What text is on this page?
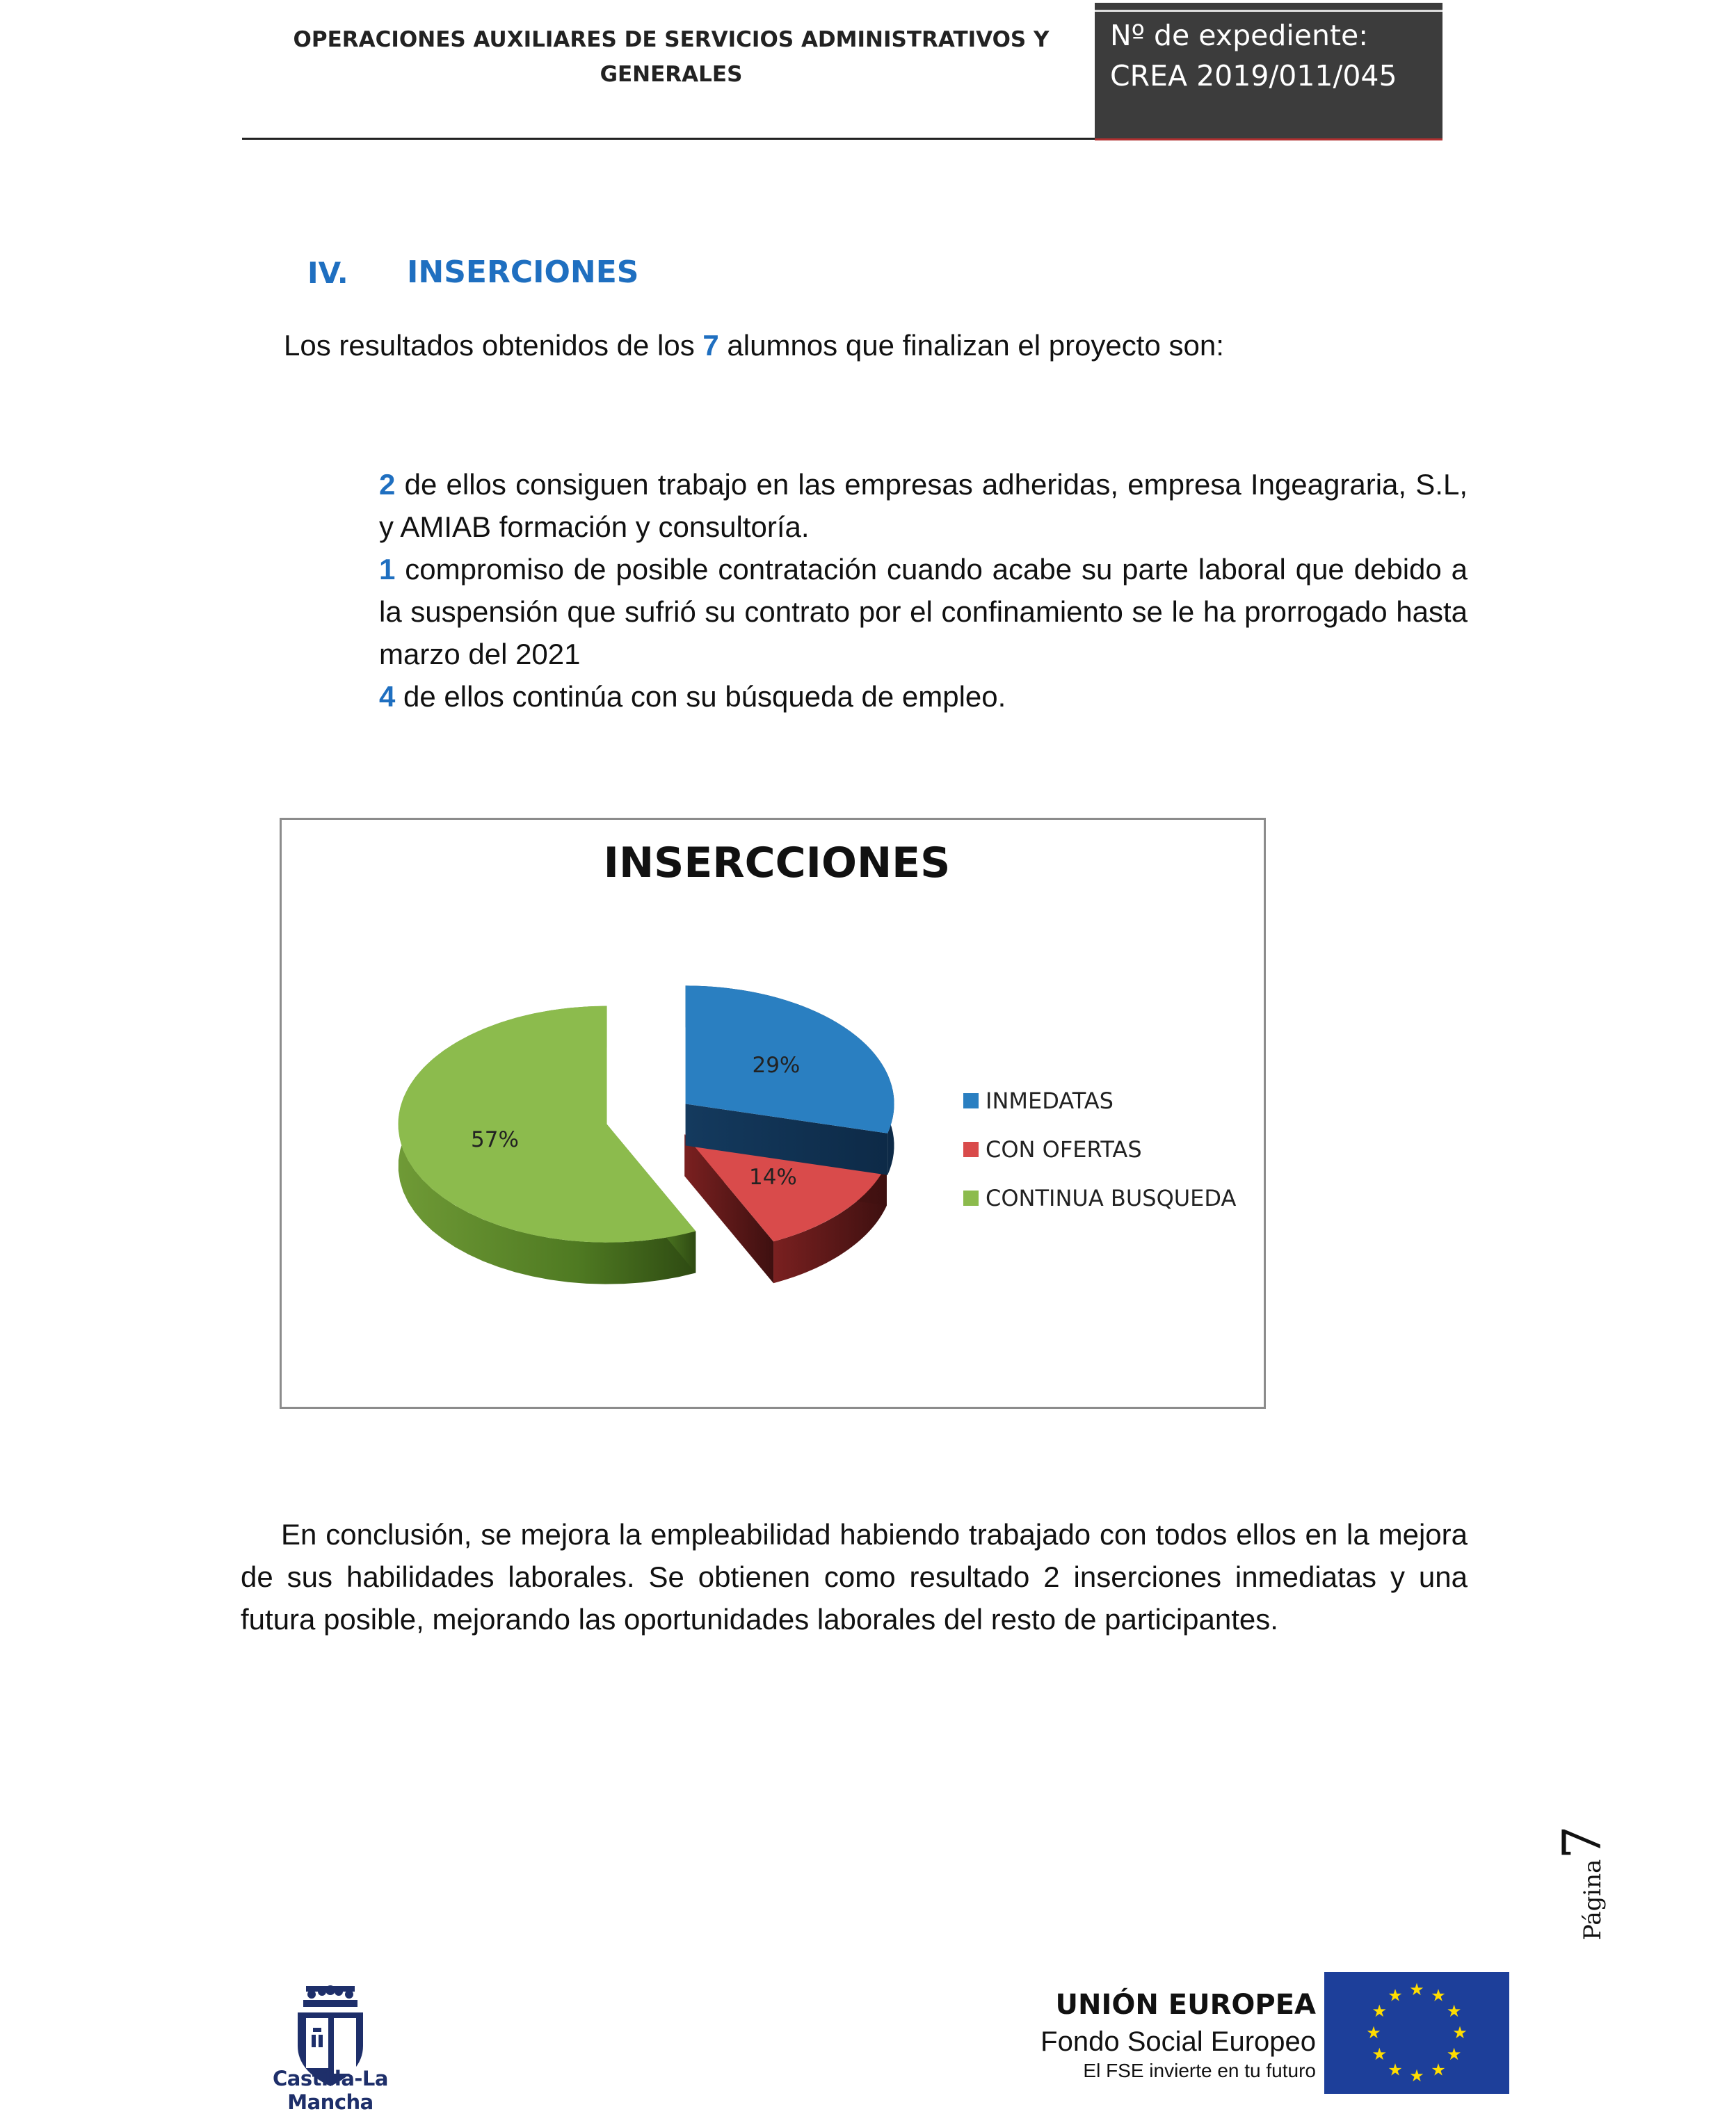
OPERACIONES AUXILIARES DE SERVICIOS ADMINISTRATIVOS Y
GENERALES
Nº de expediente:
CREA 2019/011/045
IV. INSERCIONES
Los resultados obtenidos de los 7 alumnos que finalizan el proyecto son:

2 de ellos consiguen trabajo en las empresas adheridas, empresa Ingeagraria, S.L, y AMIAB formación y consultoría.

1 compromiso de posible contratación cuando acabe su parte laboral que debido a la suspensión que sufrió su contrato por el confinamiento se le ha prorrogado hasta marzo del 2021

4 de ellos continúa con su búsqueda de empleo.

INSERCCIONES
57%
14%
29%
INMEDATAS
CON OFERTAS
CONTINUA BUSQUEDA

En conclusión, se mejora la empleabilidad habiendo trabajado con todos ellos en la mejora de sus habilidades laborales. Se obtienen como resultado 2 inserciones inmediatas y una futura posible, mejorando las oportunidades laborales del resto de participantes.

Página7
Castilla-La Mancha
UNIÓN EUROPEA
Fondo Social Europeo
El FSE invierte en tu futuro
★ ★
★
★
★
★
★
★
★
★
★
★
